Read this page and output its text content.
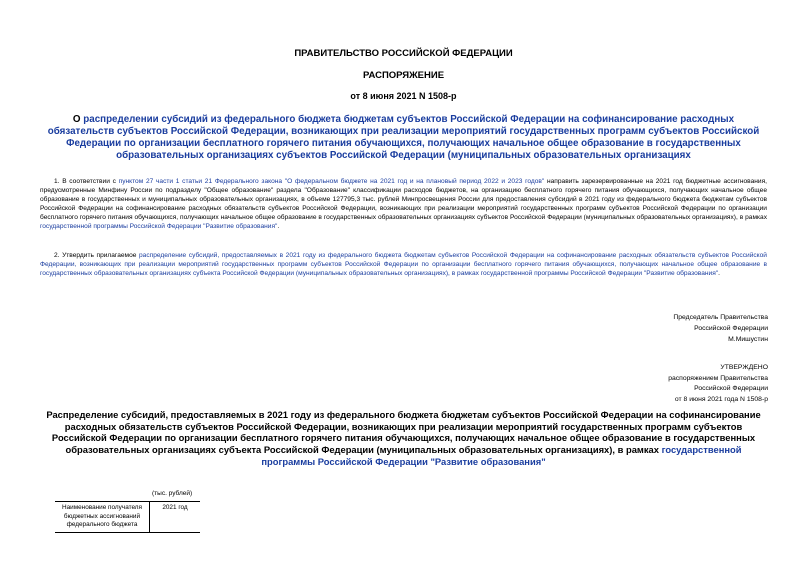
ПРАВИТЕЛЬСТВО РОССИЙСКОЙ ФЕДЕРАЦИИ
РАСПОРЯЖЕНИЕ
от 8 июня 2021 N 1508-р
О распределении субсидий из федерального бюджета бюджетам субъектов Российской Федерации на софинансирование расходных обязательств субъектов Российской Федерации, возникающих при реализации мероприятий государственных программ субъектов Российской Федерации по организации бесплатного горячего питания обучающихся, получающих начальное общее образование в государственных образовательных организациях субъектов Российской Федерации (муниципальных образовательных организациях
1. В соответствии с пунктом 27 части 1 статьи 21 Федерального закона "О федеральном бюджете на 2021 год и на плановый период 2022 и 2023 годов" направить зарезервированные на 2021 год бюджетные ассигнования, предусмотренные Минфину России по подразделу "Общее образование" раздела "Образование" классификации расходов бюджетов, на организацию бесплатного горячего питания обучающихся, получающих начальное общее образование в государственных и муниципальных образовательных организациях, в объеме 127795,3 тыс. рублей Минпросвещения России для предоставления субсидий в 2021 году из федерального бюджета бюджетам субъектов Российской Федерации на софинансирование расходных обязательств субъектов Российской Федерации, возникающих при реализации мероприятий государственных программ субъектов Российской Федерации по организации бесплатного горячего питания обучающихся, получающих начальное общее образование в государственных образовательных организациях субъектов Российской Федерации (муниципальных образовательных организациях), в рамках государственной программы Российской Федерации "Развитие образования".
2. Утвердить прилагаемое распределение субсидий, предоставляемых в 2021 году из федерального бюджета бюджетам субъектов Российской Федерации на софинансирование расходных обязательств субъектов Российской Федерации, возникающих при реализации мероприятий государственных программ субъектов Российской Федерации по организации бесплатного горячего питания обучающихся, получающих начальное общее образование в государственных образовательных организациях субъекта Российской Федерации (муниципальных образовательных организациях), в рамках государственной программы Российской Федерации "Развитие образования".
Председатель Правительства
Российской Федерации
М.Мишустин
УТВЕРЖДЕНО
распоряжением Правительства
Российской Федерации
от 8 июня 2021 года N 1508-р
Распределение субсидий, предоставляемых в 2021 году из федерального бюджета бюджетам субъектов Российской Федерации на софинансирование расходных обязательств субъектов Российской Федерации, возникающих при реализации мероприятий государственных программ субъектов Российской Федерации по организации бесплатного горячего питания обучающихся, получающих начальное общее образование в государственных образовательных организациях субъекта Российской Федерации (муниципальных образовательных организациях), в рамках государственной программы Российской Федерации "Развитие образования"
(тыс. рублей)
Наименование получателя бюджетных ассигнований федерального бюджета	2021 год
